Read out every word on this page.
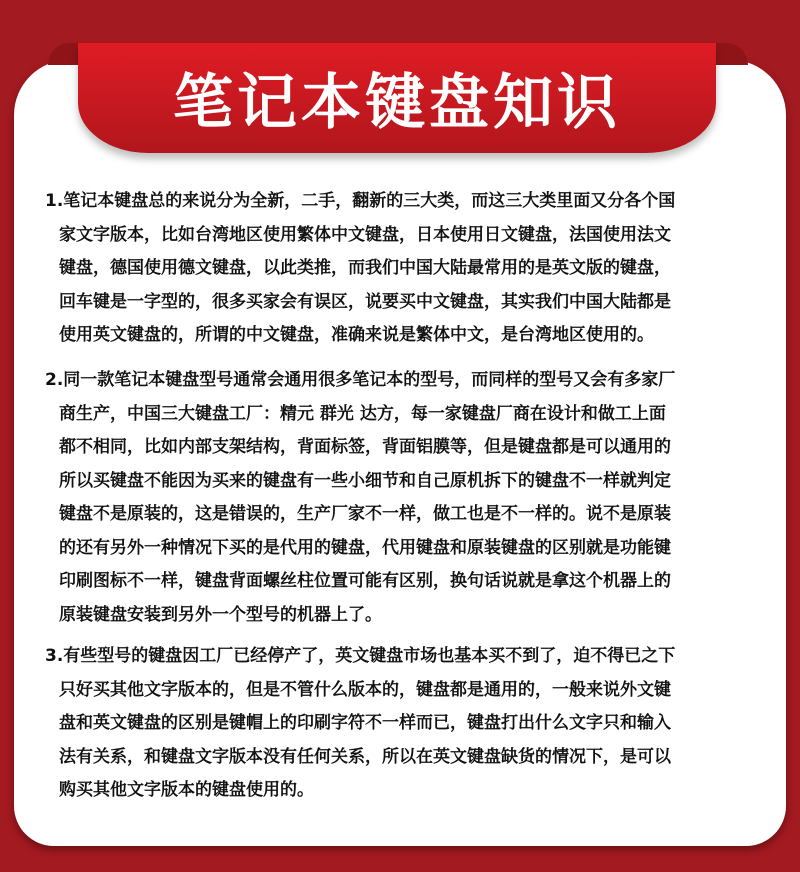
笔记本键盘知识
1.笔记本键盘总的来说分为全新，二手，翻新的三大类，而这三大类里面又分各个国
家文字版本，比如台湾地区使用繁体中文键盘，日本使用日文键盘，法国使用法文
键盘，德国使用德文键盘，以此类推，而我们中国大陆最常用的是英文版的键盘，
回车键是一字型的，很多买家会有误区，说要买中文键盘，其实我们中国大陆都是
使用英文键盘的，所谓的中文键盘，准确来说是繁体中文，是台湾地区使用的。
2.同一款笔记本键盘型号通常会通用很多笔记本的型号，而同样的型号又会有多家厂
商生产，中国三大键盘工厂：精元 群光 达方，每一家键盘厂商在设计和做工上面
都不相同，比如内部支架结构，背面标签，背面铝膜等，但是键盘都是可以通用的
所以买键盘不能因为买来的键盘有一些小细节和自己原机拆下的键盘不一样就判定
键盘不是原装的，这是错误的，生产厂家不一样，做工也是不一样的。说不是原装
的还有另外一种情况下买的是代用的键盘，代用键盘和原装键盘的区别就是功能键
印刷图标不一样，键盘背面螺丝柱位置可能有区别，换句话说就是拿这个机器上的
原装键盘安装到另外一个型号的机器上了。
3.有些型号的键盘因工厂已经停产了，英文键盘市场也基本买不到了，迫不得已之下
只好买其他文字版本的，但是不管什么版本的，键盘都是通用的，一般来说外文键
盘和英文键盘的区别是键帽上的印刷字符不一样而已，键盘打出什么文字只和输入
法有关系，和键盘文字版本没有任何关系，所以在英文键盘缺货的情况下，是可以
购买其他文字版本的键盘使用的。
